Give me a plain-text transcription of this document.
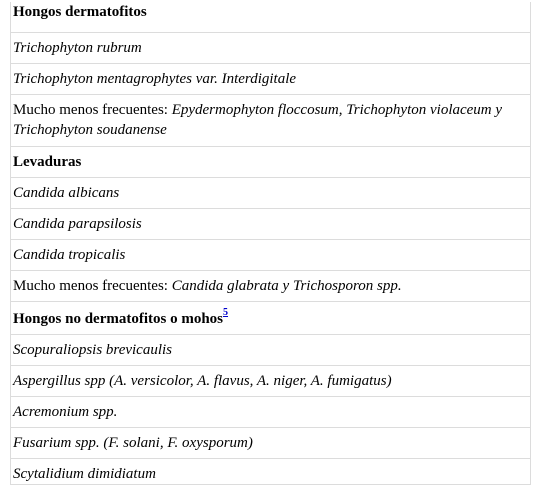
Hongos dermatofitos
Trichophyton rubrum
Trichophyton mentagrophytes var. Interdigitale
Mucho menos frecuentes: Epydermophyton floccosum, Trichophyton violaceum y Trichophyton soudanense
Levaduras
Candida albicans
Candida parapsilosis
Candida tropicalis
Mucho menos frecuentes: Candida glabrata y Trichosporon spp.
Hongos no dermatofitos o mohos$^5$
Scopuraliopsis brevicaulis
Aspergillus spp (A. versicolor, A. flavus, A. niger, A. fumigatus)
Acremonium spp.
Fusarium spp. (F. solani, F. oxysporum)
Scytalidium dimidiatum
